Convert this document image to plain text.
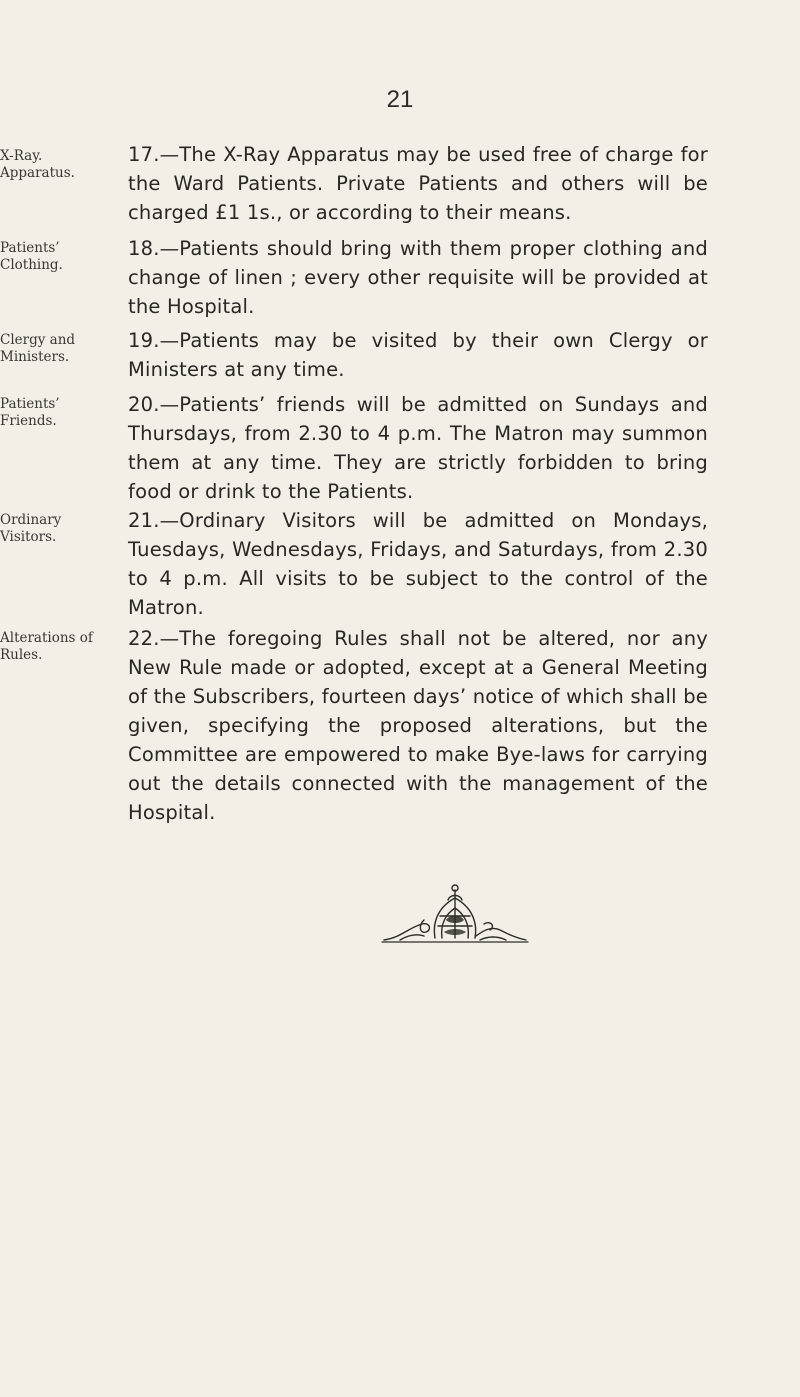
21
X-Ray.
Apparatus.

17.—The X-Ray Apparatus may be used free of charge for the Ward Patients. Private Patients and others will be charged £1 1s., or according to their means.

Patients’
Clothing.

18.—Patients should bring with them proper clothing and change of linen ; every other requisite will be provided at the Hospital.

Clergy and
Ministers.

19.—Patients may be visited by their own Clergy or Ministers at any time.

Patients’
Friends.

20.—Patients’ friends will be admitted on Sundays and Thursdays, from 2.30 to 4 p.m. The Matron may summon them at any time. They are strictly forbidden to bring food or drink to the Patients.

Ordinary
Visitors.

21.—Ordinary Visitors will be admitted on Mondays, Tuesdays, Wednesdays, Fridays, and Saturdays, from 2.30 to 4 p.m. All visits to be subject to the control of the Matron.

Alterations of
Rules.

22.—The foregoing Rules shall not be altered, nor any New Rule made or adopted, except at a General Meeting of the Subscribers, fourteen days’ notice of which shall be given, specifying the proposed alterations, but the Committee are empowered to make Bye-laws for carrying out the details connected with the management of the Hospital.
